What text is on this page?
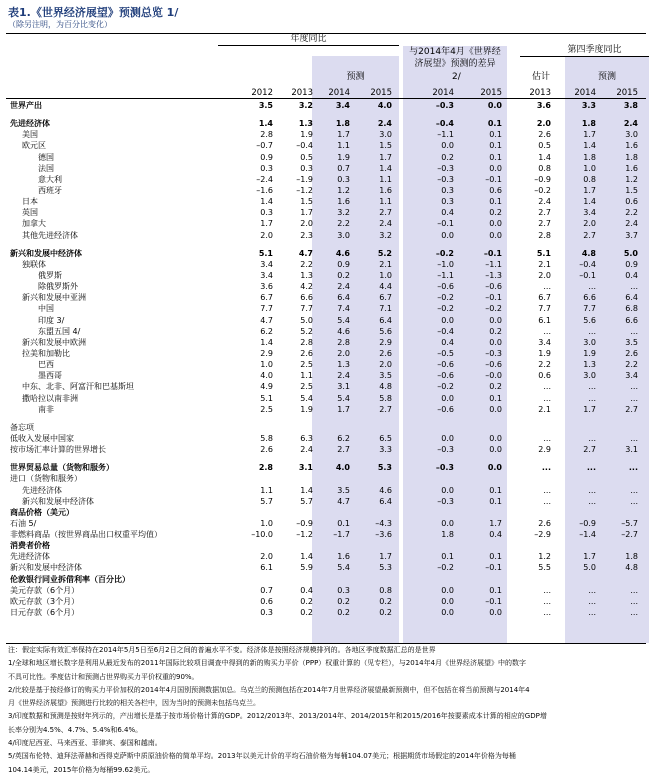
表1.《世界经济展望》预测总览 1/
（除另注明，为百分比变化）
年度同比
与2014年4月《世界经
济展望》预测的差异
2/
第四季度同比
预测	估计	预测
2012	2013	2014	2015	2014	2015	2013	2014	2015
世界产出	3.5	3.2	3.4	4.0	–0.3	0.0	3.6	3.3	3.8
先进经济体	1.4	1.3	1.8	2.4	–0.4	0.1	2.0	1.8	2.4
美国	2.8	1.9	1.7	3.0	–1.1	0.1	2.6	1.7	3.0
欧元区	–0.7	–0.4	1.1	1.5	0.0	0.1	0.5	1.4	1.6
德国	0.9	0.5	1.9	1.7	0.2	0.1	1.4	1.8	1.8
法国	0.3	0.3	0.7	1.4	–0.3	0.0	0.8	1.0	1.6
意大利	–2.4	–1.9	0.3	1.1	–0.3	–0.1	–0.9	0.8	1.2
西班牙	–1.6	–1.2	1.2	1.6	0.3	0.6	–0.2	1.7	1.5
日本	1.4	1.5	1.6	1.1	0.3	0.1	2.4	1.4	0.6
英国	0.3	1.7	3.2	2.7	0.4	0.2	2.7	3.4	2.2
加拿大	1.7	2.0	2.2	2.4	–0.1	0.0	2.7	2.0	2.4
其他先进经济体	2.0	2.3	3.0	3.2	0.0	0.0	2.8	2.7	3.7
新兴和发展中经济体	5.1	4.7	4.6	5.2	–0.2	–0.1	5.1	4.8	5.0
独联体	3.4	2.2	0.9	2.1	–1.0	–1.1	2.1	–0.4	0.9
俄罗斯	3.4	1.3	0.2	1.0	–1.1	–1.3	2.0	–0.1	0.4
除俄罗斯外	3.6	4.2	2.4	4.4	–0.6	–0.6	...	...	...
新兴和发展中亚洲	6.7	6.6	6.4	6.7	–0.2	–0.1	6.7	6.6	6.4
中国	7.7	7.7	7.4	7.1	–0.2	–0.2	7.7	7.7	6.8
印度 3/	4.7	5.0	5.4	6.4	0.0	0.0	6.1	5.6	6.6
东盟五国 4/	6.2	5.2	4.6	5.6	–0.4	0.2	...	...	...
新兴和发展中欧洲	1.4	2.8	2.8	2.9	0.4	0.0	3.4	3.0	3.5
拉美和加勒比	2.9	2.6	2.0	2.6	–0.5	–0.3	1.9	1.9	2.6
巴西	1.0	2.5	1.3	2.0	–0.6	–0.6	2.2	1.3	2.2
墨西哥	4.0	1.1	2.4	3.5	–0.6	–0.0	0.6	3.0	3.4
中东、北非、阿富汗和巴基斯坦	4.9	2.5	3.1	4.8	–0.2	0.2	...	...	...
撒哈拉以南非洲	5.1	5.4	5.4	5.8	0.0	0.1	...	...	...
南非	2.5	1.9	1.7	2.7	–0.6	0.0	2.1	1.7	2.7
备忘项
低收入发展中国家	5.8	6.3	6.2	6.5	0.0	0.0	...	...	...
按市场汇率计算的世界增长	2.6	2.4	2.7	3.3	–0.3	0.0	2.9	2.7	3.1
世界贸易总量（货物和服务）	2.8	3.1	4.0	5.3	–0.3	0.0	...	...	...
进口（货物和服务）
先进经济体	1.1	1.4	3.5	4.6	0.0	0.1	...	...	...
新兴和发展中经济体	5.7	5.7	4.7	6.4	–0.3	0.1	...	...	...
商品价格（美元）
石油 5/	1.0	–0.9	0.1	–4.3	0.0	1.7	2.6	–0.9	–5.7
非燃料商品（按世界商品出口权重平均值）	–10.0	–1.2	–1.7	–3.6	1.8	0.4	–2.9	–1.4	–2.7
消费者价格
先进经济体	2.0	1.4	1.6	1.7	0.1	0.1	1.2	1.7	1.8
新兴和发展中经济体	6.1	5.9	5.4	5.3	–0.2	–0.1	5.5	5.0	4.8
伦敦银行同业拆借利率（百分比）
美元存款（6个月）	0.7	0.4	0.3	0.8	0.0	0.1	...	...	...
欧元存款（3个月）	0.6	0.2	0.2	0.2	0.0	–0.1	...	...	...
日元存款（6个月）	0.3	0.2	0.2	0.2	0.0	0.0	...	...	...
注：假定实际有效汇率保持在2014年5月5日至6月2日之间的普遍水平不变。经济体是按照经济规模排列的。各地区季度数据汇总的是世界
1/全球和地区增长数字是利用从最近发布的2011年国际比较项目调查中得到的新的购买力平价（PPP）权重计算的（见专栏），与2014年4月《世界经济展望》中的数字
不具可比性。季度估计和预测占世界购买力平价权重的90%。
2/比较是基于按经修订的购买力平价加权的2014年4月国别预测数据加总。乌克兰的预测包括在2014年7月世界经济展望最新预测中，但不包括在将当前预测与2014年4
月《世界经济展望》预测进行比较的相关各栏中，因为当时的预测未包括乌克兰。
3/印度数据和预测是按财年列示的，产出增长是基于按市场价格计算的GDP。2012/2013年、2013/2014年、2014/2015年和2015/2016年按要素成本计算的相应的GDP增
长率分别为4.5%、4.7%、5.4%和6.4%。
4/印度尼西亚、马来西亚、菲律宾、泰国和越南。
5/英国布伦特、迪拜法蒂赫和西得克萨斯中质原油价格的简单平均。2013年以美元计价的平均石油价格为每桶104.07美元；根据期货市场假定的2014年价格为每桶
104.14美元，2015年价格为每桶99.62美元。
